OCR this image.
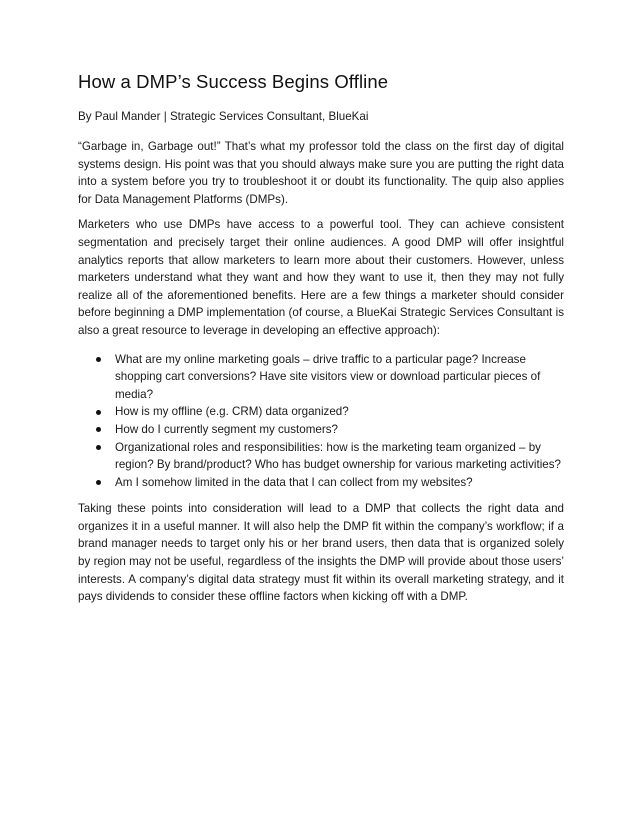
How a DMP’s Success Begins Offline

By Paul Mander | Strategic Services Consultant, BlueKai

“Garbage in, Garbage out!” That’s what my professor told the class on the first day of digital systems design. His point was that you should always make sure you are putting the right data into a system before you try to troubleshoot it or doubt its functionality. The quip also applies for Data Management Platforms (DMPs).

Marketers who use DMPs have access to a powerful tool. They can achieve consistent segmentation and precisely target their online audiences. A good DMP will offer insightful analytics reports that allow marketers to learn more about their customers. However, unless marketers understand what they want and how they want to use it, then they may not fully realize all of the aforementioned benefits. Here are a few things a marketer should consider before beginning a DMP implementation (of course, a BlueKai Strategic Services Consultant is also a great resource to leverage in developing an effective approach):

What are my online marketing goals – drive traffic to a particular page? Increase shopping cart conversions? Have site visitors view or download particular pieces of media?
How is my offline (e.g. CRM) data organized?
How do I currently segment my customers?
Organizational roles and responsibilities: how is the marketing team organized – by region? By brand/product? Who has budget ownership for various marketing activities?
Am I somehow limited in the data that I can collect from my websites?

Taking these points into consideration will lead to a DMP that collects the right data and organizes it in a useful manner. It will also help the DMP fit within the company’s workflow; if a brand manager needs to target only his or her brand users, then data that is organized solely by region may not be useful, regardless of the insights the DMP will provide about those users’ interests. A company’s digital data strategy must fit within its overall marketing strategy, and it pays dividends to consider these offline factors when kicking off with a DMP.
